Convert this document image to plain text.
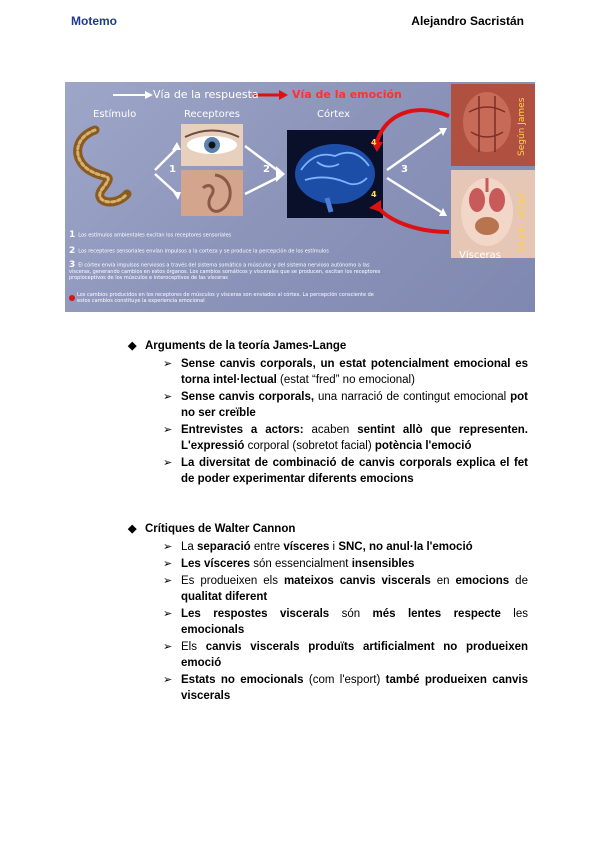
Motemo	Alejandro Sacristán
Vía de la respuesta	Vía de la emoción
Estímulo	Receptores	Córtex	Según James
Según Lange
Vísceras
1	2	3
4
4
1 Los estímulos ambientales excitan los receptores sensoriales
2 Los receptores sensoriales envían impulsos a la corteza y se produce la percepción de los estímulos
3 El córtex envía impulsos nerviosos a través del sistema somático a músculos y del sistema nervioso autónomo a las vísceras, generando cambios en estos órganos. Los cambios somáticos y viscerales que se producen, excitan los receptores propioceptivos de los músculos e interoceptivos de las vísceras
Los cambios producidos en los receptores de músculos y vísceras son enviados al córtex. La percepción consciente de estos cambios constituye la experiencia emocional
◆ Arguments de la teoría James-Lange
➢ Sense canvis corporals, un estat potencialment emocional es torna intel·lectual (estat “fred” no emocional)
➢ Sense canvis corporals, una narració de contingut emocional pot no ser creïble
➢ Entrevistes a actors: acaben sentint allò que representen. L'expressió corporal (sobretot facial) potència l'emoció
➢ La diversitat de combinació de canvis corporals explica el fet de poder experimentar diferents emocions
◆ Crítiques de Walter Cannon
➢ La separació entre vísceres i SNC, no anul·la l'emoció
➢ Les vísceres són essencialment insensibles
➢ Es produeixen els mateixos canvis viscerals en emocions de qualitat diferent
➢ Les respostes viscerals són més lentes respecte les emocionals
➢ Els canvis viscerals produïts artificialment no produeixen emoció
➢ Estats no emocionals (com l'esport) també produeixen canvis viscerals
